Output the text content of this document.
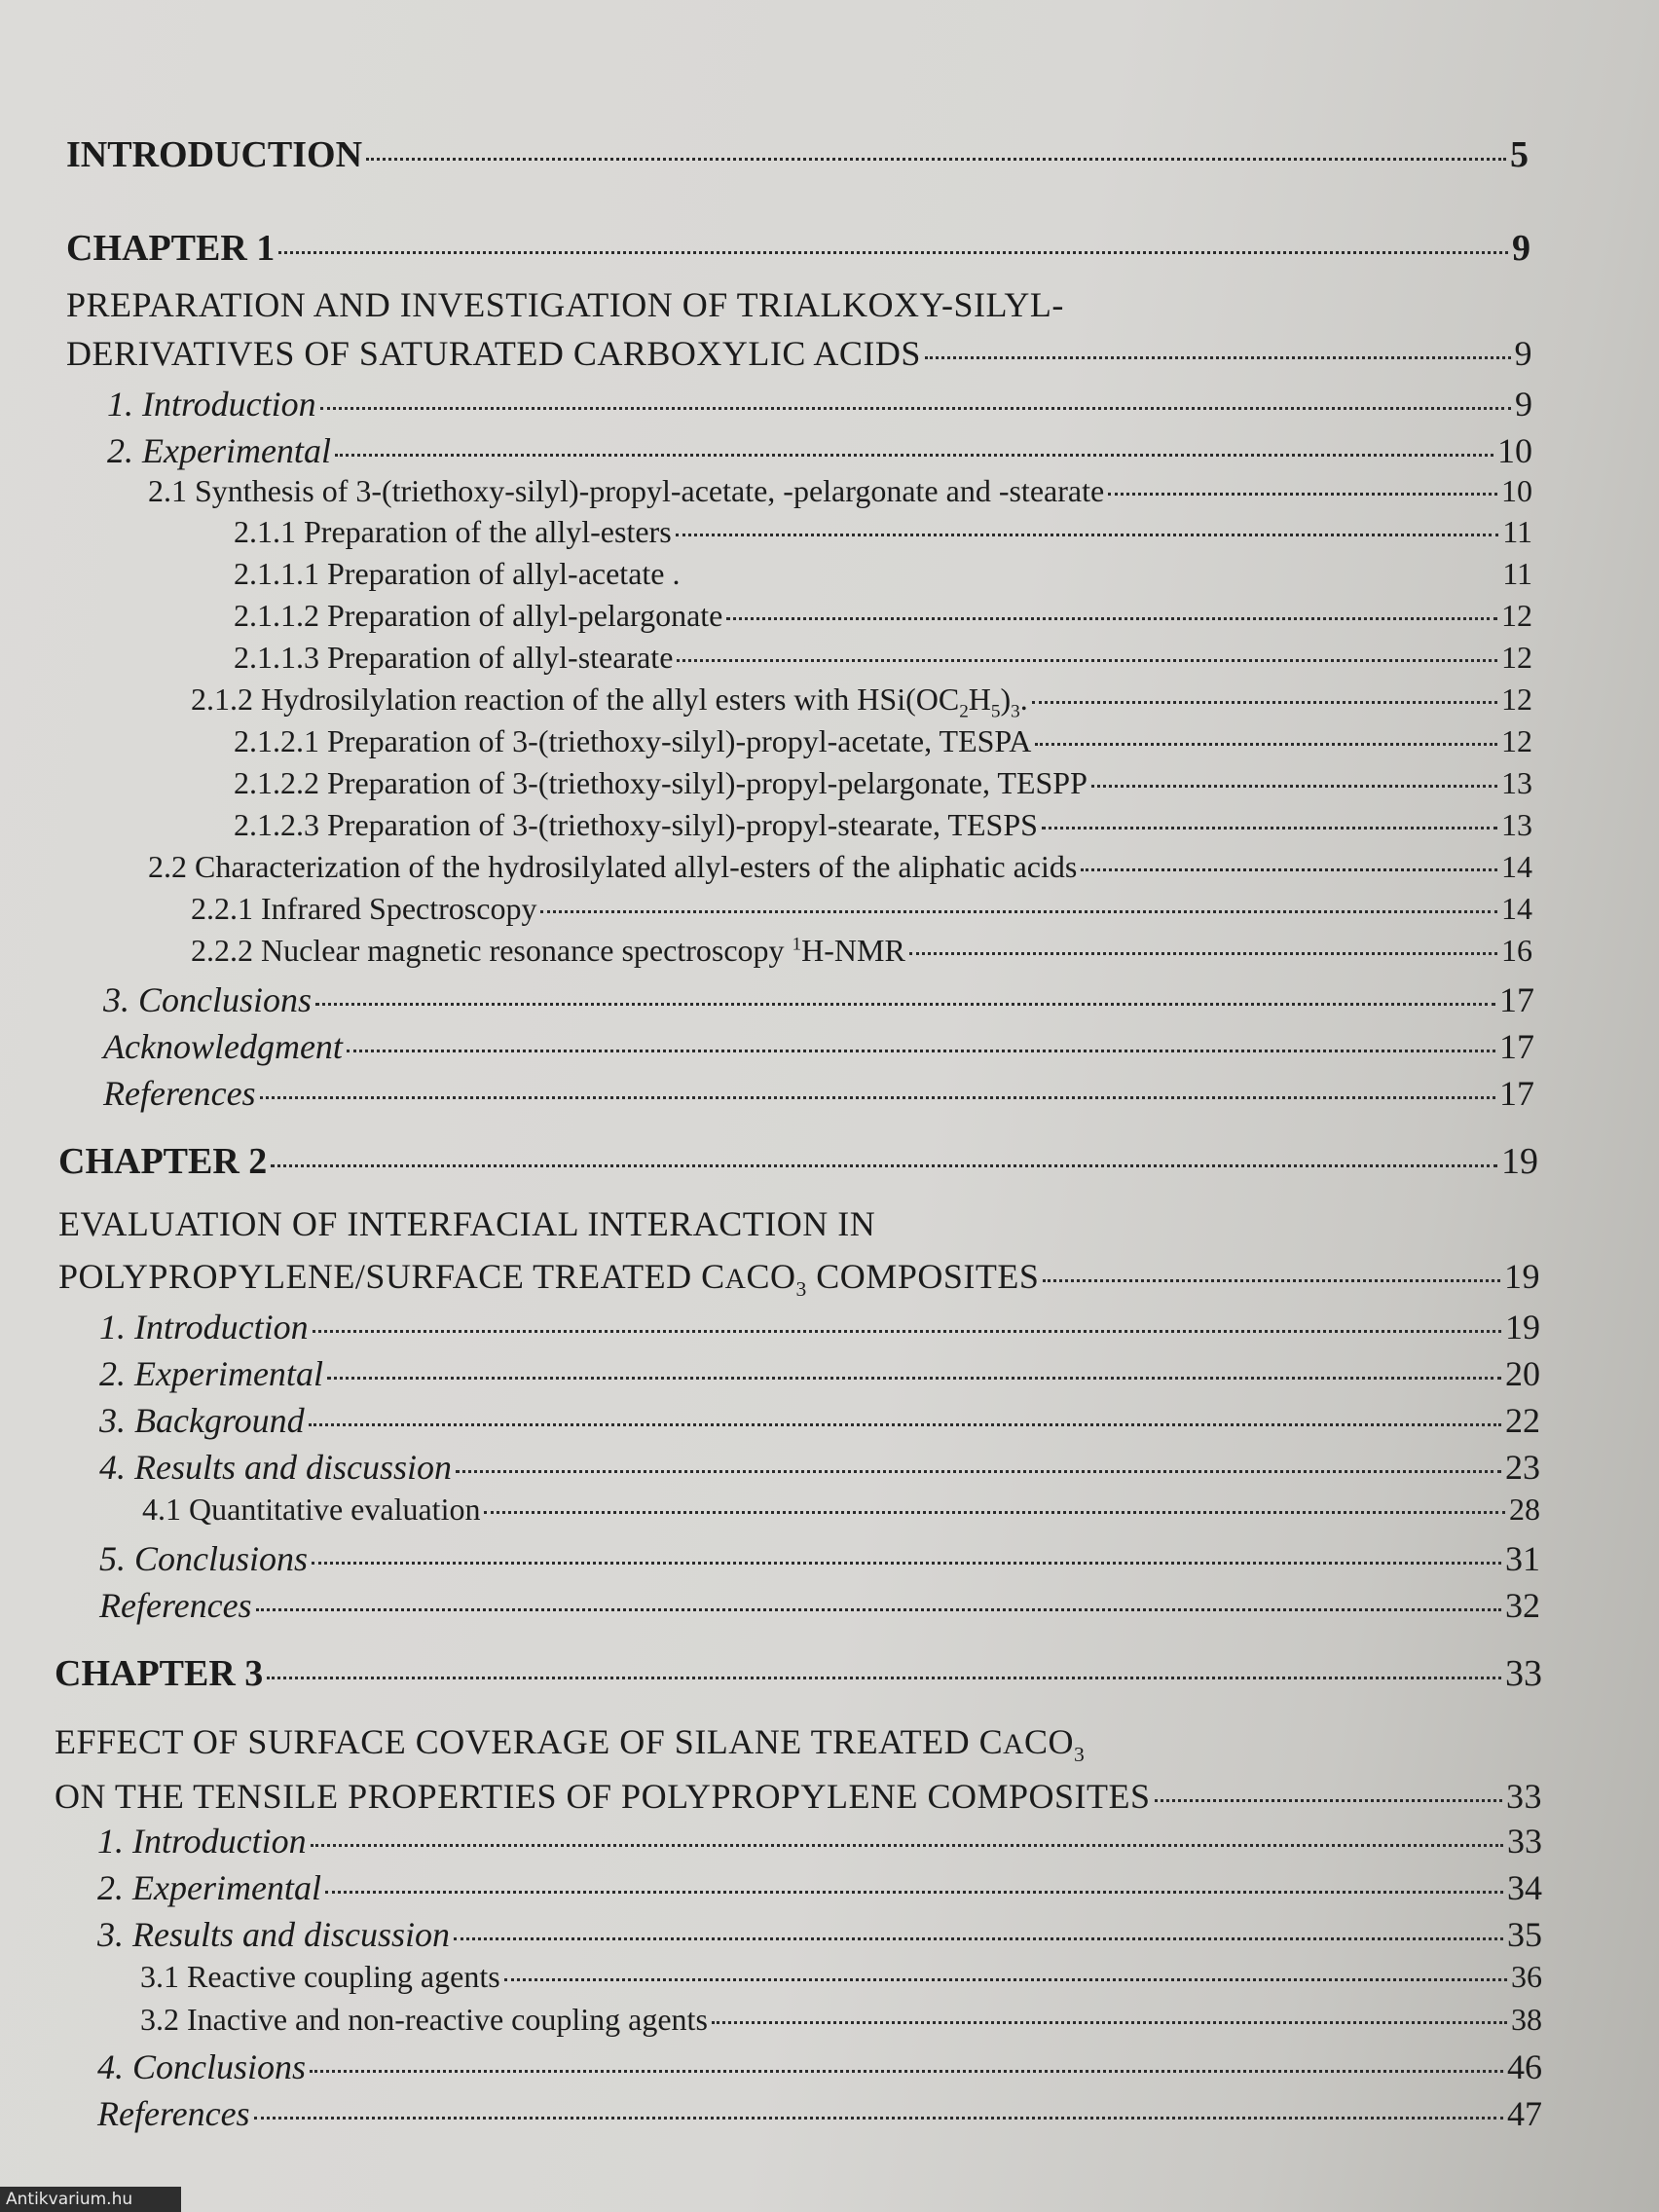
INTRODUCTION	5
CHAPTER 1	9
PREPARATION AND INVESTIGATION OF TRIALKOXY-SILYL-
DERIVATIVES OF SATURATED CARBOXYLIC ACIDS	9
1. Introduction	9
2. Experimental	10
2.1 Synthesis of 3-(triethoxy-silyl)-propyl-acetate, -pelargonate and -stearate	10
2.1.1 Preparation of the allyl-esters	11
2.1.1.1 Preparation of allyl-acetate .	11
2.1.1.2 Preparation of allyl-pelargonate	12
2.1.1.3 Preparation of allyl-stearate	12
2.1.2 Hydrosilylation reaction of the allyl esters with $HSi(OC_2H_5)_3$.	12
2.1.2.1 Preparation of 3-(triethoxy-silyl)-propyl-acetate, TESPA	12
2.1.2.2 Preparation of 3-(triethoxy-silyl)-propyl-pelargonate, TESPP	13
2.1.2.3 Preparation of 3-(triethoxy-silyl)-propyl-stearate, TESPS	13
2.2 Characterization of the hydrosilylated allyl-esters of the aliphatic acids	14
2.2.1 Infrared Spectroscopy	14
2.2.2 Nuclear magnetic resonance spectroscopy $^1$H-NMR	16
3. Conclusions	17
Acknowledgment	17
References	17
CHAPTER 2	19
EVALUATION OF INTERFACIAL INTERACTION IN
POLYPROPYLENE/SURFACE TREATED $CACO_3$ COMPOSITES	19
1. Introduction	19
2. Experimental	20
3. Background	22
4. Results and discussion	23
4.1 Quantitative evaluation	28
5. Conclusions	31
References	32
CHAPTER 3	33
EFFECT OF SURFACE COVERAGE OF SILANE TREATED $CACO_3$
ON THE TENSILE PROPERTIES OF POLYPROPYLENE COMPOSITES	33
1. Introduction	33
2. Experimental	34
3. Results and discussion	35
3.1 Reactive coupling agents	36
3.2 Inactive and non-reactive coupling agents	38
4. Conclusions	46
References	47
Antikvarium.hu
